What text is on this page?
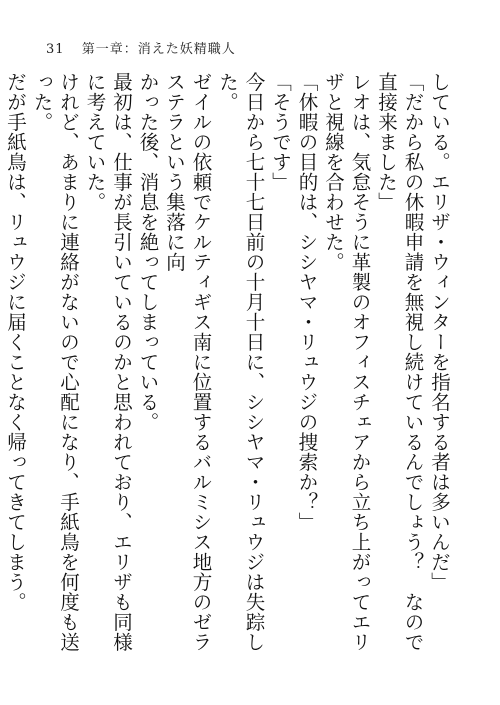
31 第一章：消えた妖精職人

している。エリザ・ウィンターを指名する者は多いんだ」

「だから私の休暇申請を無視し続けているんでしょう？　なので直接来ました」

レオは、気怠そうに革製のオフィスチェアから立ち上がってエリザと視線を合わせた。

「休暇の目的は、シシヤマ・リュウジの捜索か？」

「そうです」

今日から七十七日前の十月十日に、シシヤマ・リュウジは失踪した。

ゼイルの依頼でケルティギス南に位置するバルミシス地方のゼラステラという集落に向

かった後、消息を絶ってしまっている。

最初は、仕事が長引いているのかと思われており、エリザも同様に考えていた。

けれど、あまりに連絡がないので心配になり、手紙鳥を何度も送った。

だが手紙鳥は、リュウジに届くことなく帰ってきてしまう。
